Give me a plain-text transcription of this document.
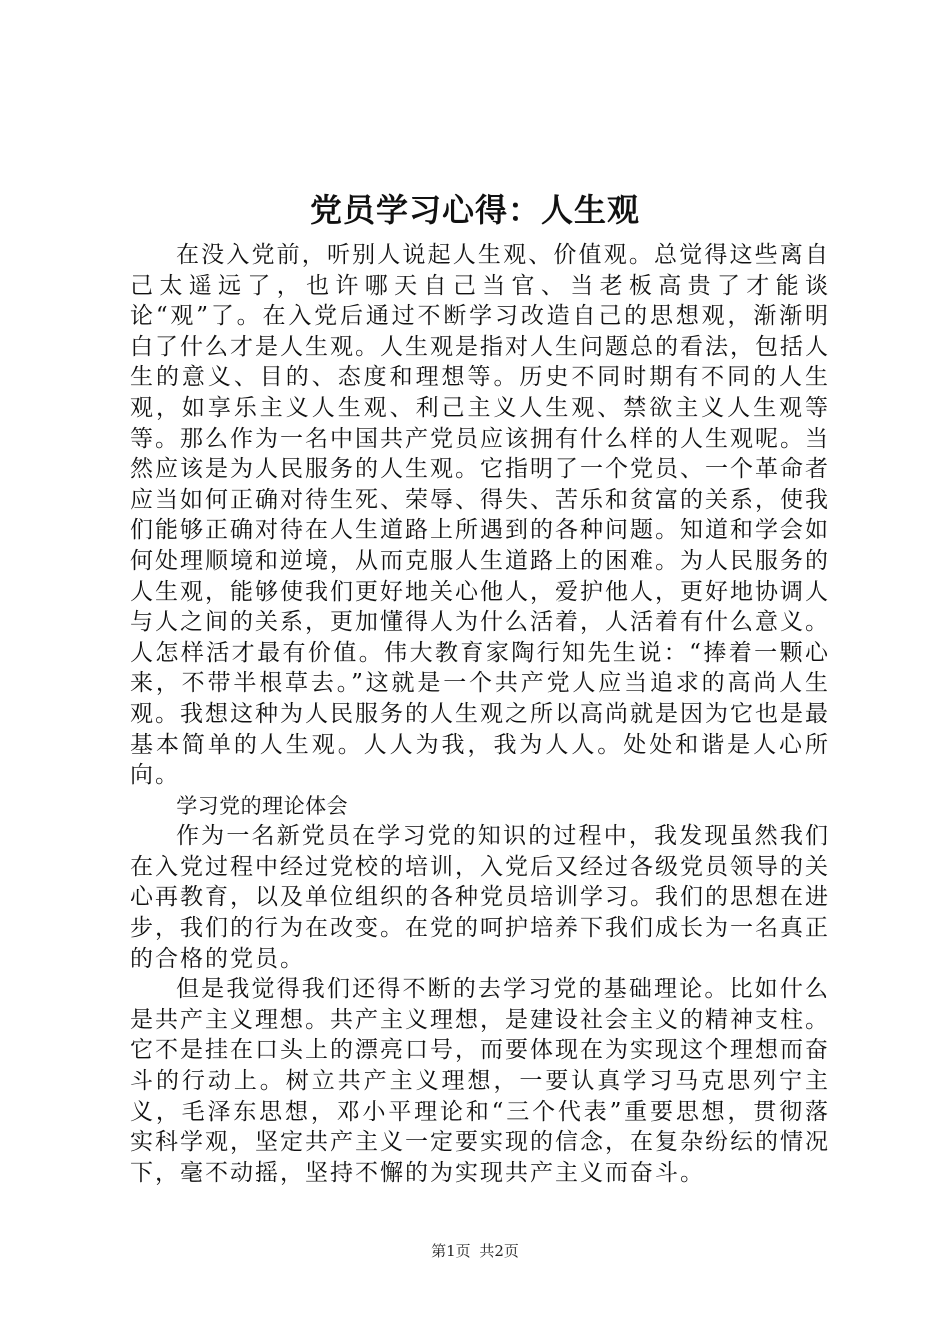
党员学习心得：人生观

在没入党前，听别人说起人生观、价值观。总觉得这些离自己太遥远了，也许哪天自己当官、当老板高贵了才能谈论“观”了。在入党后通过不断学习改造自己的思想观，渐渐明白了什么才是人生观。人生观是指对人生问题总的看法，包括人生的意义、目的、态度和理想等。历史不同时期有不同的人生观，如享乐主义人生观、利己主义人生观、禁欲主义人生观等等。那么作为一名中国共产党员应该拥有什么样的人生观呢。当然应该是为人民服务的人生观。它指明了一个党员、一个革命者应当如何正确对待生死、荣辱、得失、苦乐和贫富的关系，使我们能够正确对待在人生道路上所遇到的各种问题。知道和学会如何处理顺境和逆境，从而克服人生道路上的困难。为人民服务的人生观，能够使我们更好地关心他人，爱护他人，更好地协调人与人之间的关系，更加懂得人为什么活着，人活着有什么意义。人怎样活才最有价值。伟大教育家陶行知先生说：“捧着一颗心来，不带半根草去。”这就是一个共产党人应当追求的高尚人生观。我想这种为人民服务的人生观之所以高尚就是因为它也是最基本简单的人生观。人人为我，我为人人。处处和谐是人心所向。

学习党的理论体会

作为一名新党员在学习党的知识的过程中，我发现虽然我们在入党过程中经过党校的培训，入党后又经过各级党员领导的关心再教育，以及单位组织的各种党员培训学习。我们的思想在进步，我们的行为在改变。在党的呵护培养下我们成长为一名真正的合格的党员。

但是我觉得我们还得不断的去学习党的基础理论。比如什么是共产主义理想。共产主义理想，是建设社会主义的精神支柱。它不是挂在口头上的漂亮口号，而要体现在为实现这个理想而奋斗的行动上。树立共产主义理想，一要认真学习马克思列宁主义，毛泽东思想，邓小平理论和“三个代表”重要思想，贯彻落实科学观，坚定共产主义一定要实现的信念，在复杂纷纭的情况下，毫不动摇，坚持不懈的为实现共产主义而奋斗。

第1页 共2页
